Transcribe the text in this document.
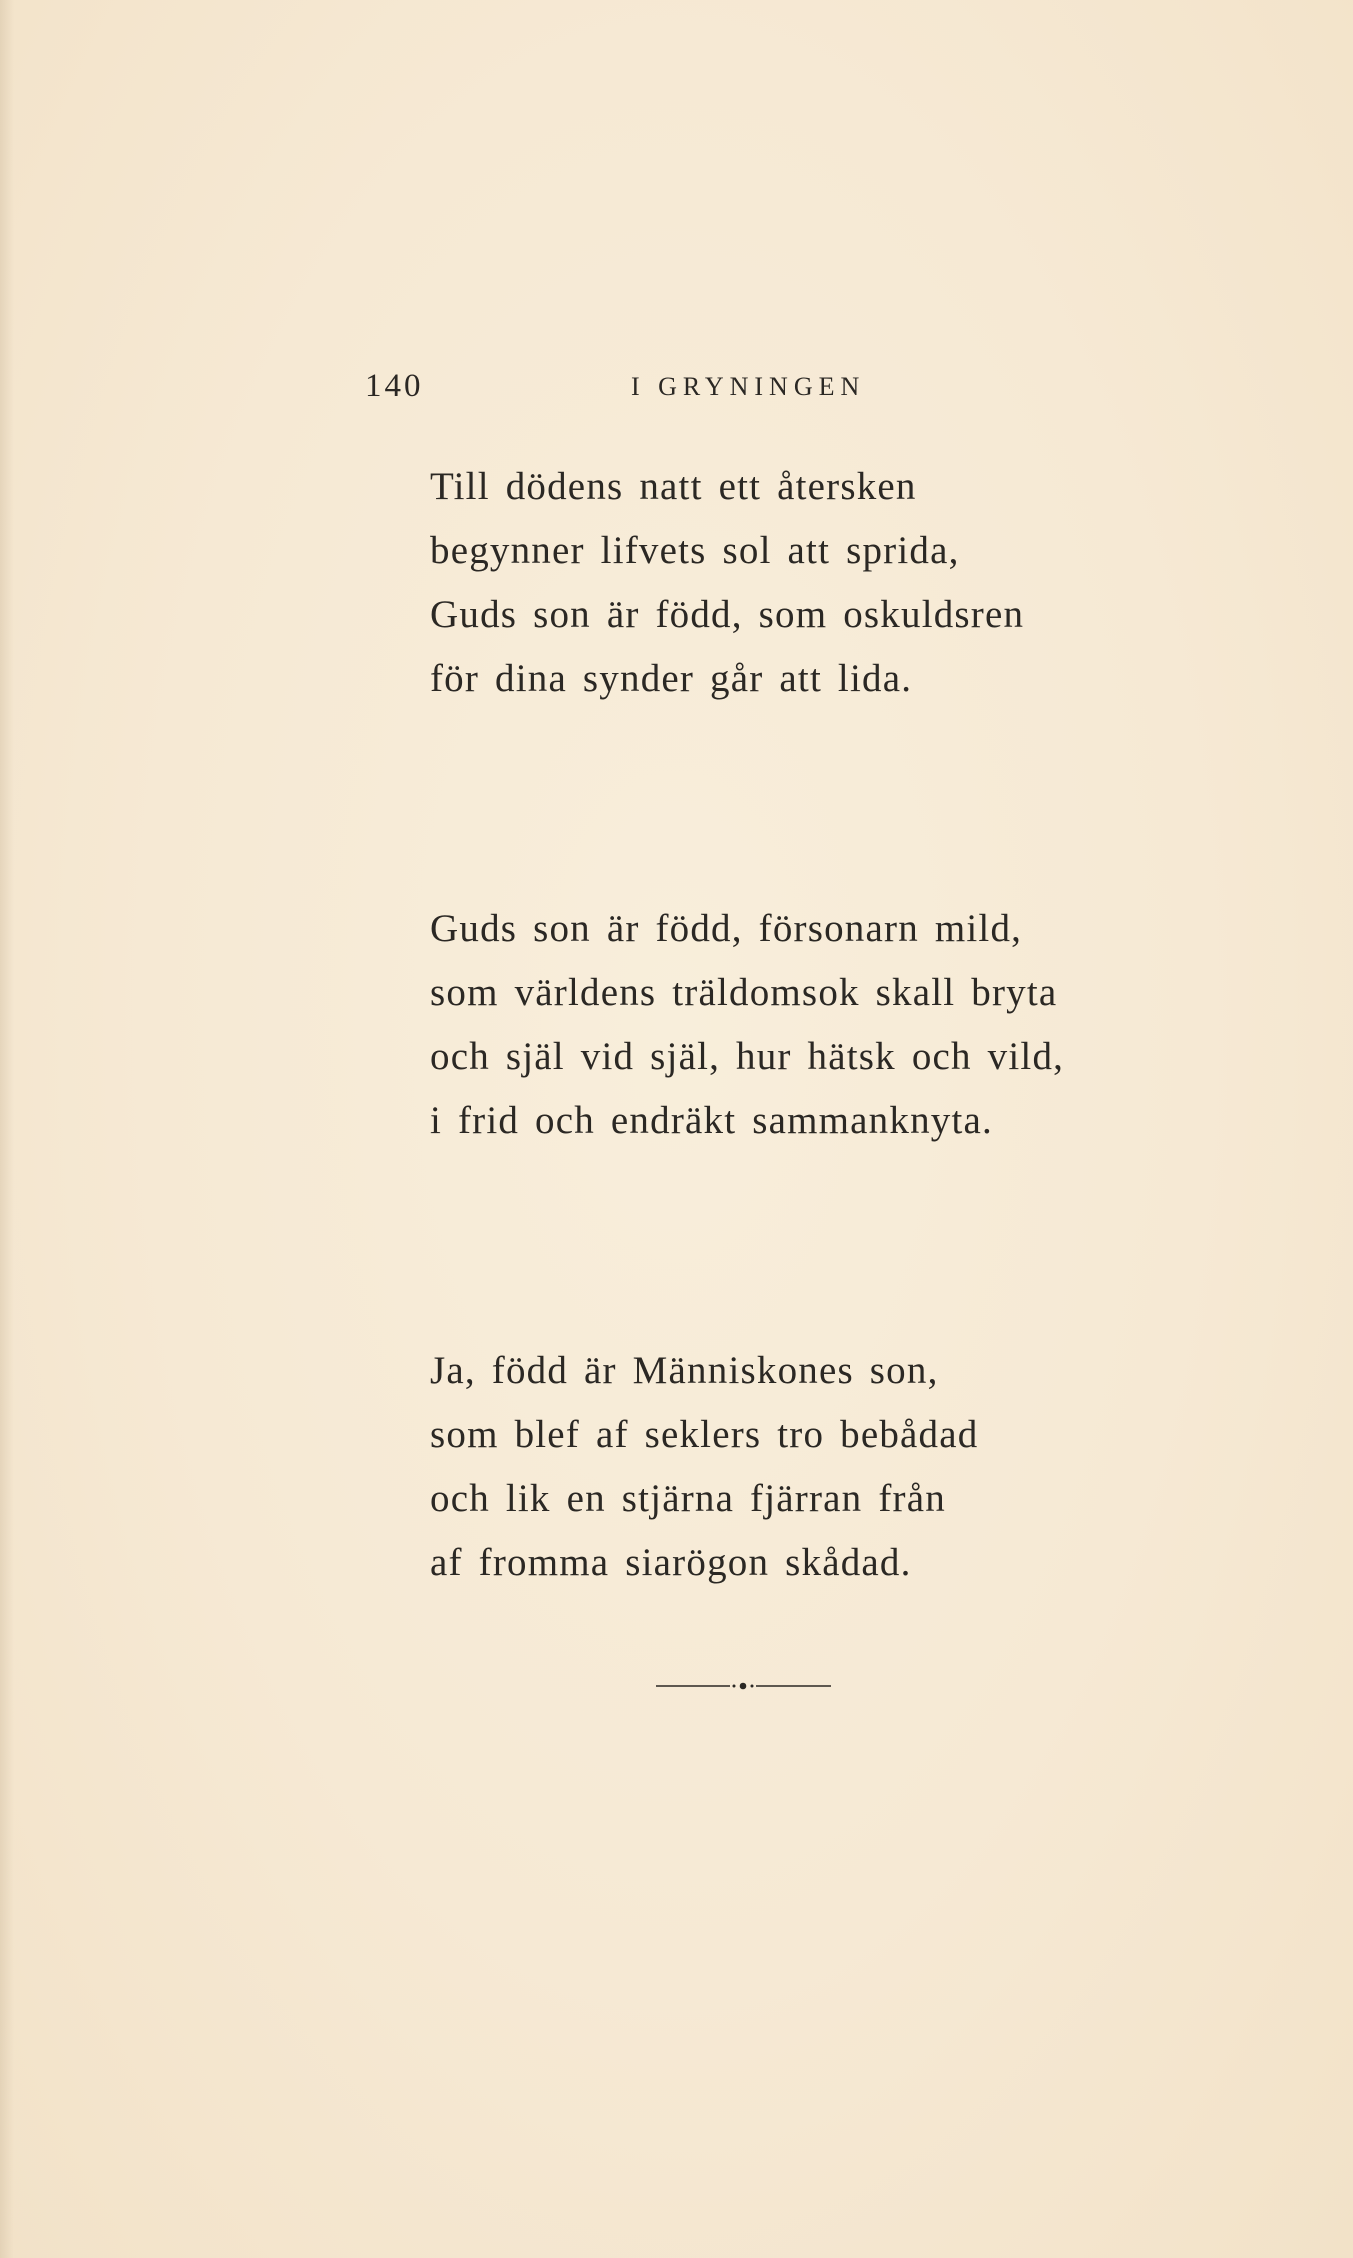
140	I GRYNINGEN
Till dödens natt ett återsken
begynner lifvets sol att sprida,
Guds son är född, som oskuldsren
för dina synder går att lida.
Guds son är född, försonarn mild,
som världens träldomsok skall bryta
och själ vid själ, hur hätsk och vild,
i frid och endräkt sammanknyta.
Ja, född är Människones son,
som blef af seklers tro bebådad
och lik en stjärna fjärran från
af fromma siarögon skådad.
